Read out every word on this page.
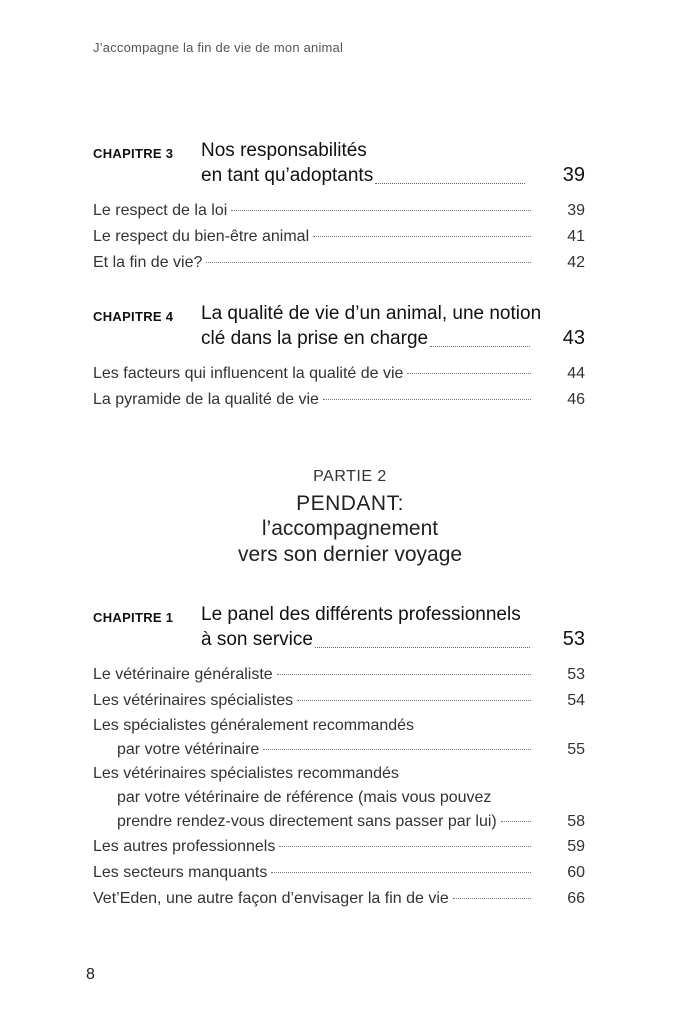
J’accompagne la fin de vie de mon animal
CHAPITRE 3 Nos responsabilités
en tant qu’adoptants	39
Le respect de la loi	39
Le respect du bien-être animal	41
Et la fin de vie?	42
CHAPITRE 4 La qualité de vie d’un animal, une notion
clé dans la prise en charge	43
Les facteurs qui influencent la qualité de vie	44
La pyramide de la qualité de vie	46
PARTIE 2
PENDANT:
l’accompagnement
vers son dernier voyage
CHAPITRE 1 Le panel des différents professionnels
à son service	53
Le vétérinaire généraliste	53
Les vétérinaires spécialistes	54
Les spécialistes généralement recommandés
par votre vétérinaire	55
Les vétérinaires spécialistes recommandés
par votre vétérinaire de référence (mais vous pouvez
prendre rendez-vous directement sans passer par lui)	58
Les autres professionnels	59
Les secteurs manquants	60
Vet’Eden, une autre façon d’envisager la fin de vie	66
8
